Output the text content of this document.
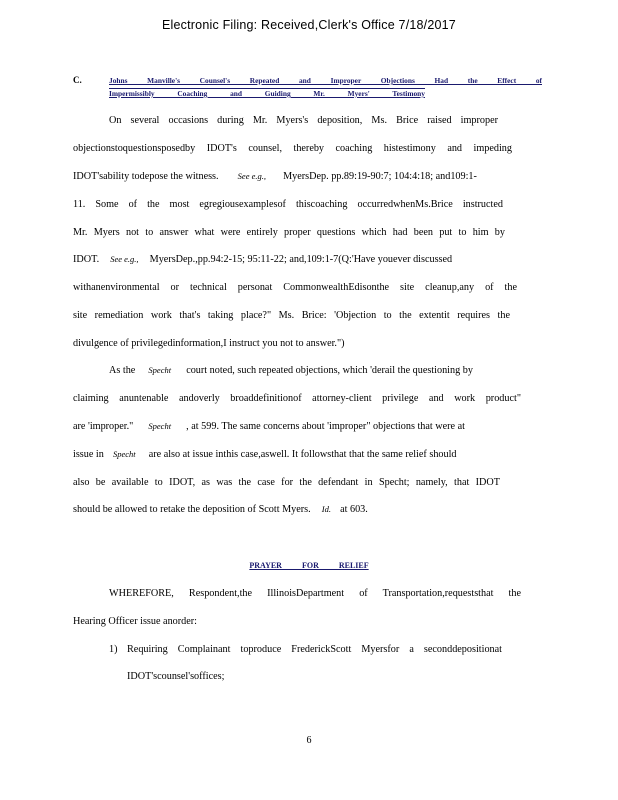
Electronic Filing: Received,Clerk's Office 7/18/2017
C.	Johns Manville's Counsel's Repeated and Improper Objections Had the Effect of
Impermissibly Coaching and Guiding Mr. Myers' Testimony
On several occasions during Mr. Myers's deposition, Ms. Brice raised improper
objectionstoquestionsposedby IDOT's counsel, thereby coaching histestimony and impeding
IDOT'sability todepose the witness. See e.g., MyersDep. pp.89:19-90:7; 104:4:18; and109:1-
11. Some of the most egregiousexamplesof thiscoaching occurredwhenMs.Brice instructed
Mr. Myers not to answer what were entirely proper questions which had been put to him by
IDOT. See e.g., MyersDep.,pp.94:2-15; 95:11-22; and,109:1-7(Q:'Have youever discussed
withanenvironmental or technical personat CommonwealthEdisonthe site cleanup,any of the
site remediation work that's taking place?" Ms. Brice: 'Objection to the extentit requires the
divulgence of privilegedinformation,I instruct you not to answer.")
As the Specht court noted, such repeated objections, which 'derail the questioning by
claiming anuntenable andoverly broaddefinitionof attorney-client privilege and work product"
are 'improper." Specht , at 599. The same concerns about 'improper" objections that were at
issue in Specht are also at issue inthis case,aswell. It followsthat that the same relief should
also be available to IDOT, as was the case for the defendant in Specht; namely, that IDOT
should be allowed to retake the deposition of Scott Myers. Id. at 603.
PRAYER FOR RELIEF
WHEREFORE, Respondent,the IllinoisDepartment of Transportation,requeststhat the
Hearing Officer issue anorder:
1) Requiring Complainant toproduce FrederickScott Myersfor a seconddepositionat
IDOT'scounsel'soffices;
6
